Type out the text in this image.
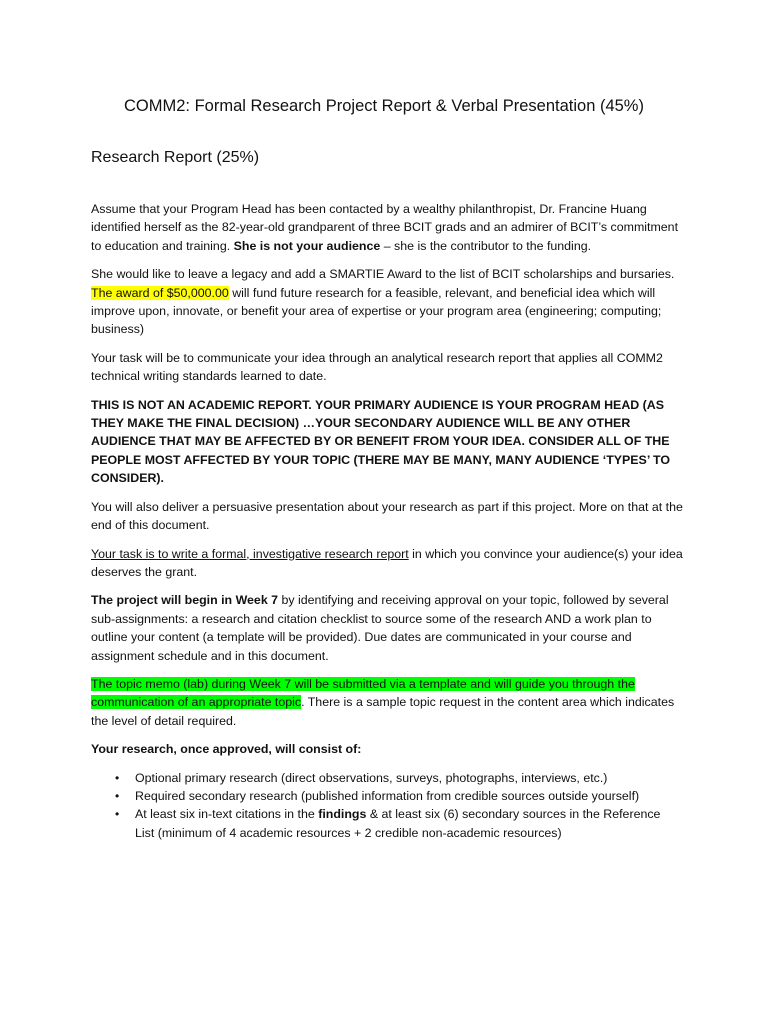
COMM2: Formal Research Project Report & Verbal Presentation (45%)
Research Report (25%)

Assume that your Program Head has been contacted by a wealthy philanthropist, Dr. Francine Huang identified herself as the 82-year-old grandparent of three BCIT grads and an admirer of BCIT’s commitment to education and training. She is not your audience – she is the contributor to the funding.

She would like to leave a legacy and add a SMARTIE Award to the list of BCIT scholarships and bursaries. The award of $50,000.00 will fund future research for a feasible, relevant, and beneficial idea which will improve upon, innovate, or benefit your area of expertise or your program area (engineering; computing; business)

Your task will be to communicate your idea through an analytical research report that applies all COMM2 technical writing standards learned to date.

THIS IS NOT AN ACADEMIC REPORT. YOUR PRIMARY AUDIENCE IS YOUR PROGRAM HEAD (AS THEY MAKE THE FINAL DECISION) …YOUR SECONDARY AUDIENCE WILL BE ANY OTHER AUDIENCE THAT MAY BE AFFECTED BY OR BENEFIT FROM YOUR IDEA. CONSIDER ALL OF THE PEOPLE MOST AFFECTED BY YOUR TOPIC (THERE MAY BE MANY, MANY AUDIENCE ‘TYPES’ TO CONSIDER).

You will also deliver a persuasive presentation about your research as part if this project. More on that at the end of this document.

Your task is to write a formal, investigative research report in which you convince your audience(s) your idea deserves the grant.

The project will begin in Week 7 by identifying and receiving approval on your topic, followed by several sub-assignments: a research and citation checklist to source some of the research AND a work plan to outline your content (a template will be provided). Due dates are communicated in your course and assignment schedule and in this document.

The topic memo (lab) during Week 7 will be submitted via a template and will guide you through the communication of an appropriate topic. There is a sample topic request in the content area which indicates the level of detail required.

Your research, once approved, will consist of:

• Optional primary research (direct observations, surveys, photographs, interviews, etc.)
• Required secondary research (published information from credible sources outside yourself)
• At least six in-text citations in the findings & at least six (6) secondary sources in the Reference List (minimum of 4 academic resources + 2 credible non-academic resources)
